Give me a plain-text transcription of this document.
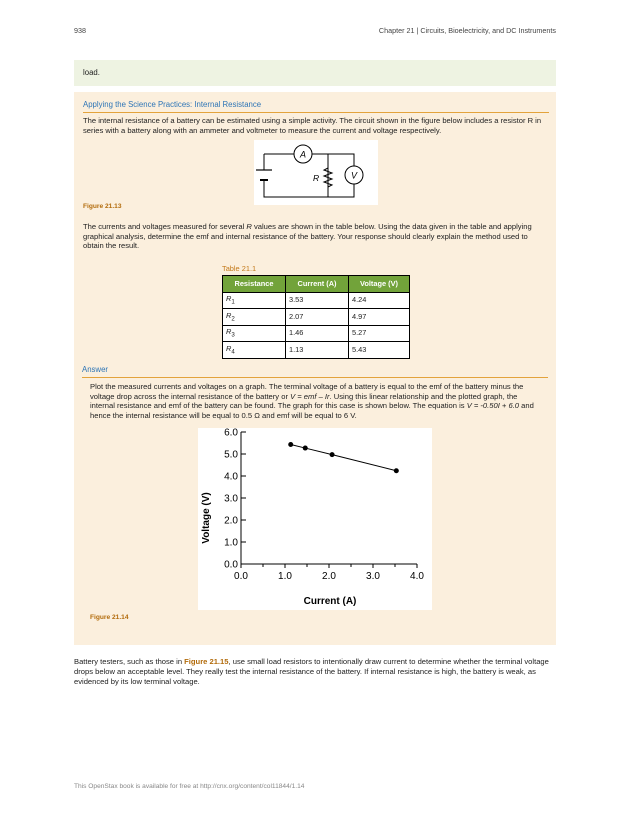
938	Chapter 21 | Circuits, Bioelectricity, and DC Instruments
load.
Applying the Science Practices: Internal Resistance
The internal resistance of a battery can be estimated using a simple activity. The circuit shown in the figure below includes a resistor R in series with a battery along with an ammeter and voltmeter to measure the current and voltage respectively.
A
R	V
Figure 21.13
The currents and voltages measured for several R values are shown in the table below. Using the data given in the table and applying graphical analysis, determine the emf and internal resistance of the battery. Your response should clearly explain the method used to obtain the result.
Table 21.1
Resistance	Current (A)	Voltage (V)
$R_1$	3.53	4.24
$R_2$	2.07	4.97
$R_3$	1.46	5.27
$R_4$	1.13	5.43
Answer
Plot the measured currents and voltages on a graph. The terminal voltage of a battery is equal to the emf of the battery minus the voltage drop across the internal resistance of the battery or V = emf – Ir. Using this linear relationship and the plotted graph, the internal resistance and emf of the battery can be found. The graph for this case is shown below. The equation is V = -0.50I + 6.0 and hence the internal resistance will be equal to 0.5 Ω and emf will be equal to 6 V.
Current (A)
Voltage (V)
0.0	1.0	2.0	3.0	4.0
0.0
1.0
2.0
3.0
4.0
5.0
6.0
Figure 21.14
Battery testers, such as those in Figure 21.15, use small load resistors to intentionally draw current to determine whether the terminal voltage drops below an acceptable level. They really test the internal resistance of the battery. If internal resistance is high, the battery is weak, as evidenced by its low terminal voltage.
This OpenStax book is available for free at http://cnx.org/content/col11844/1.14
